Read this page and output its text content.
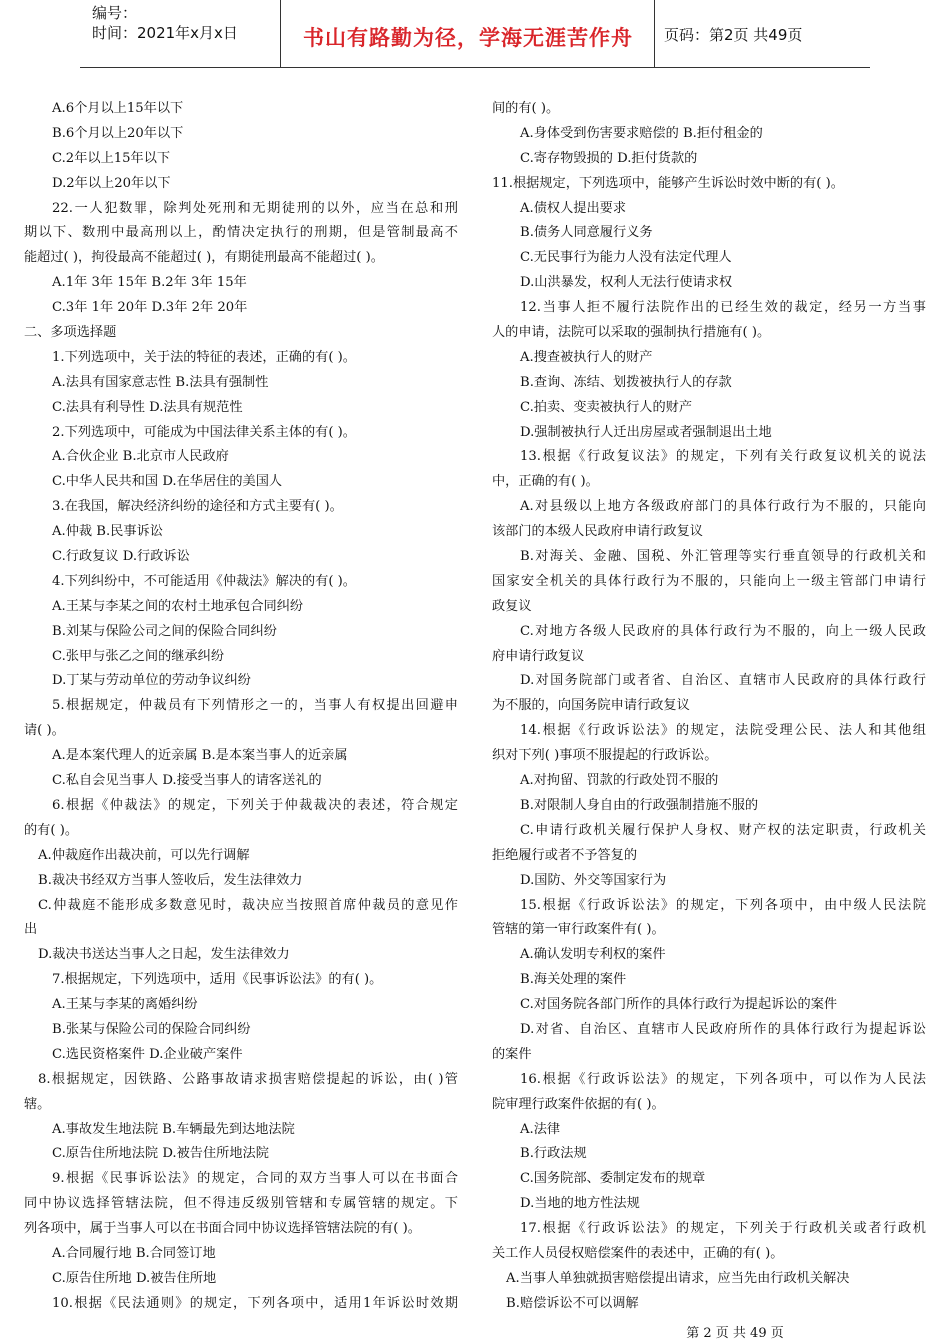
编号：
时间：2021年x月x日	书山有路勤为径，学海无涯苦作舟	页码：第2页 共49页
A.6个月以上15年以下
B.6个月以上20年以下
C.2年以上15年以下
D.2年以上20年以下
22.一人犯数罪，除判处死刑和无期徒刑的以外，应当在总和刑
期以下、数刑中最高刑以上，酌情决定执行的刑期，但是管制最高不
能超过( )，拘役最高不能超过( )，有期徒刑最高不能超过( )。
A.1年 3年 15年 B.2年 3年 15年
C.3年 1年 20年 D.3年 2年 20年
二、多项选择题
1.下列选项中，关于法的特征的表述，正确的有( )。
A.法具有国家意志性 B.法具有强制性
C.法具有利导性 D.法具有规范性
2.下列选项中，可能成为中国法律关系主体的有( )。
A.合伙企业 B.北京市人民政府
C.中华人民共和国 D.在华居住的美国人
3.在我国，解决经济纠纷的途径和方式主要有( )。
A.仲裁 B.民事诉讼
C.行政复议 D.行政诉讼
4.下列纠纷中，不可能适用《仲裁法》解决的有( )。
A.王某与李某之间的农村土地承包合同纠纷
B.刘某与保险公司之间的保险合同纠纷
C.张甲与张乙之间的继承纠纷
D.丁某与劳动单位的劳动争议纠纷
5.根据规定，仲裁员有下列情形之一的，当事人有权提出回避申
请( )。
A.是本案代理人的近亲属 B.是本案当事人的近亲属
C.私自会见当事人 D.接受当事人的请客送礼的
6.根据《仲裁法》的规定，下列关于仲裁裁决的表述，符合规定
的有( )。
A.仲裁庭作出裁决前，可以先行调解
B.裁决书经双方当事人签收后，发生法律效力
C.仲裁庭不能形成多数意见时，裁决应当按照首席仲裁员的意见作
出
D.裁决书送达当事人之日起，发生法律效力
7.根据规定，下列选项中，适用《民事诉讼法》的有( )。
A.王某与李某的离婚纠纷
B.张某与保险公司的保险合同纠纷
C.选民资格案件 D.企业破产案件
8.根据规定，因铁路、公路事故请求损害赔偿提起的诉讼，由( )管
辖。
A.事故发生地法院 B.车辆最先到达地法院
C.原告住所地法院 D.被告住所地法院
9.根据《民事诉讼法》的规定，合同的双方当事人可以在书面合
同中协议选择管辖法院，但不得违反级别管辖和专属管辖的规定。下
列各项中，属于当事人可以在书面合同中协议选择管辖法院的有( )。
A.合同履行地 B.合同签订地
C.原告住所地 D.被告住所地
10.根据《民法通则》的规定，下列各项中，适用1年诉讼时效期
间的有( )。
A.身体受到伤害要求赔偿的 B.拒付租金的
C.寄存物毁损的 D.拒付货款的
11.根据规定，下列选项中，能够产生诉讼时效中断的有( )。
A.债权人提出要求
B.债务人同意履行义务
C.无民事行为能力人没有法定代理人
D.山洪暴发，权利人无法行使请求权
12.当事人拒不履行法院作出的已经生效的裁定，经另一方当事
人的申请，法院可以采取的强制执行措施有( )。
A.搜查被执行人的财产
B.查询、冻结、划拨被执行人的存款
C.拍卖、变卖被执行人的财产
D.强制被执行人迁出房屋或者强制退出土地
13.根据《行政复议法》的规定，下列有关行政复议机关的说法
中，正确的有( )。
A.对县级以上地方各级政府部门的具体行政行为不服的，只能向
该部门的本级人民政府申请行政复议
B.对海关、金融、国税、外汇管理等实行垂直领导的行政机关和
国家安全机关的具体行政行为不服的，只能向上一级主管部门申请行
政复议
C.对地方各级人民政府的具体行政行为不服的，向上一级人民政
府申请行政复议
D.对国务院部门或者省、自治区、直辖市人民政府的具体行政行
为不服的，向国务院申请行政复议
14.根据《行政诉讼法》的规定，法院受理公民、法人和其他组
织对下列( )事项不服提起的行政诉讼。
A.对拘留、罚款的行政处罚不服的
B.对限制人身自由的行政强制措施不服的
C.申请行政机关履行保护人身权、财产权的法定职责，行政机关
拒绝履行或者不予答复的
D.国防、外交等国家行为
15.根据《行政诉讼法》的规定，下列各项中，由中级人民法院
管辖的第一审行政案件有( )。
A.确认发明专利权的案件
B.海关处理的案件
C.对国务院各部门所作的具体行政行为提起诉讼的案件
D.对省、自治区、直辖市人民政府所作的具体行政行为提起诉讼
的案件
16.根据《行政诉讼法》的规定，下列各项中，可以作为人民法
院审理行政案件依据的有( )。
A.法律
B.行政法规
C.国务院部、委制定发布的规章
D.当地的地方性法规
17.根据《行政诉讼法》的规定，下列关于行政机关或者行政机
关工作人员侵权赔偿案件的表述中，正确的有( )。
A.当事人单独就损害赔偿提出请求，应当先由行政机关解决
B.赔偿诉讼不可以调解
第 2 页 共 49 页
